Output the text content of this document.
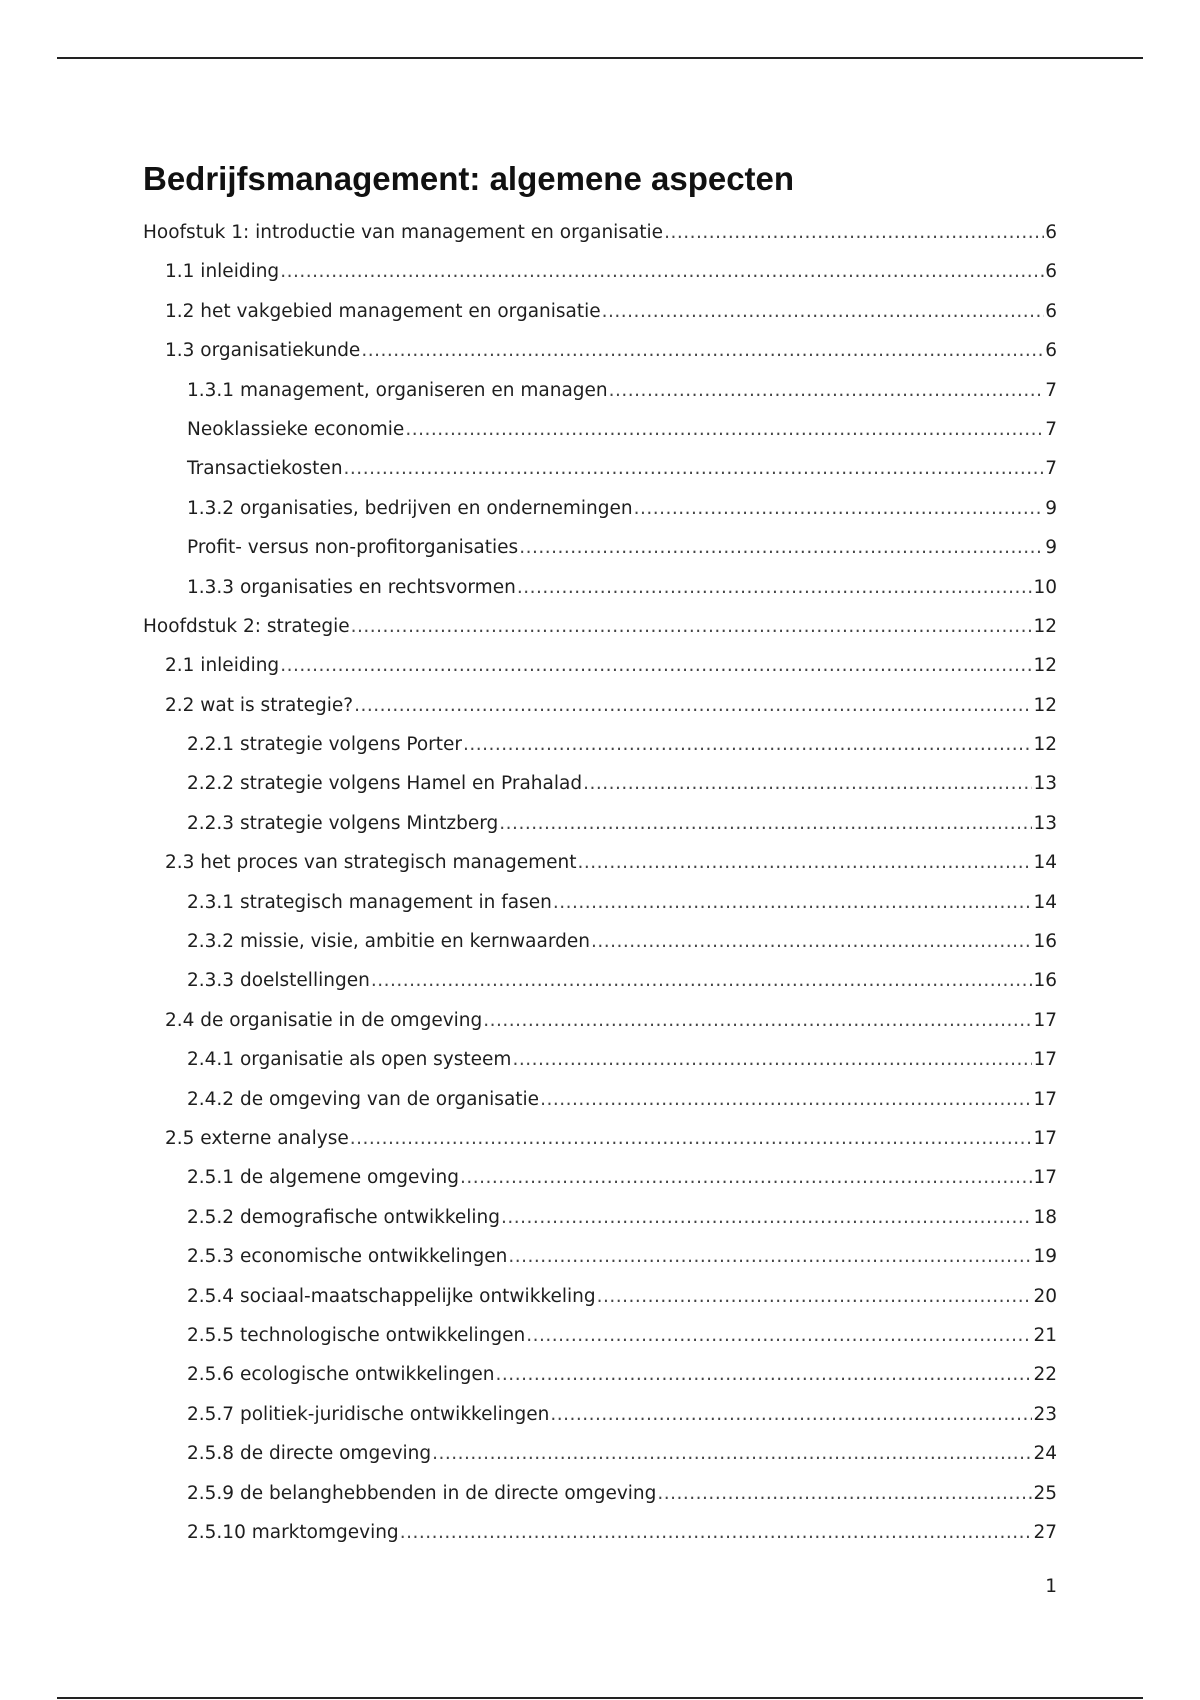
Bedrijfsmanagement: algemene aspecten
Hoofstuk 1: introductie van management en organisatie .....	6
1.1 inleiding .....	6
1.2 het vakgebied management en organisatie .....	6
1.3 organisatiekunde .....	6
1.3.1 management, organiseren en managen .....	7
Neoklassieke economie .....	7
Transactiekosten .....	7
1.3.2 organisaties, bedrijven en ondernemingen .....	9
Profit- versus non-profitorganisaties .....	9
1.3.3 organisaties en rechtsvormen .....	10
Hoofdstuk 2: strategie .....	12
2.1 inleiding .....	12
2.2 wat is strategie? .....	12
2.2.1 strategie volgens Porter .....	12
2.2.2 strategie volgens Hamel en Prahalad .....	13
2.2.3 strategie volgens Mintzberg .....	13
2.3 het proces van strategisch management .....	14
2.3.1 strategisch management in fasen .....	14
2.3.2 missie, visie, ambitie en kernwaarden .....	16
2.3.3 doelstellingen .....	16
2.4 de organisatie in de omgeving .....	17
2.4.1 organisatie als open systeem .....	17
2.4.2 de omgeving van de organisatie .....	17
2.5 externe analyse .....	17
2.5.1 de algemene omgeving .....	17
2.5.2 demografische ontwikkeling .....	18
2.5.3 economische ontwikkelingen .....	19
2.5.4 sociaal-maatschappelijke ontwikkeling .....	20
2.5.5 technologische ontwikkelingen .....	21
2.5.6 ecologische ontwikkelingen .....	22
2.5.7 politiek-juridische ontwikkelingen .....	23
2.5.8 de directe omgeving .....	24
2.5.9 de belanghebbenden in de directe omgeving .....	25
2.5.10 marktomgeving .....	27
1
